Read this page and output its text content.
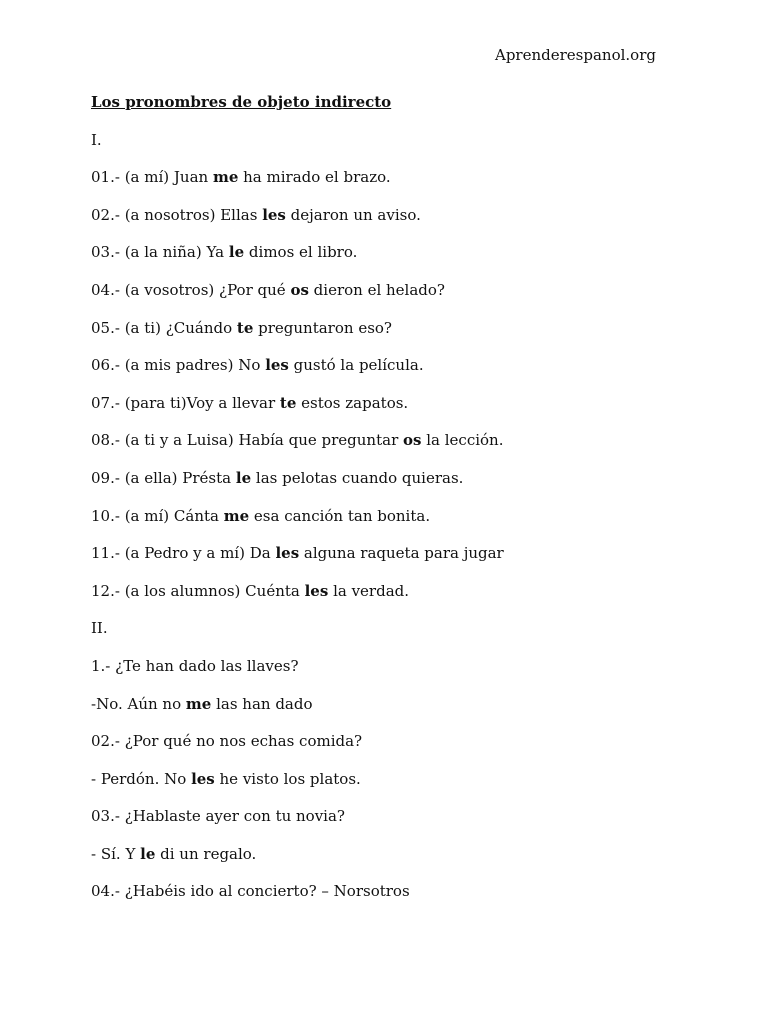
Aprenderespanol.org
Los pronombres de objeto indirecto
I.
01.- (a mí) Juan me ha mirado el brazo.
02.- (a nosotros) Ellas les dejaron un aviso.
03.- (a la niña) Ya le dimos el libro.
04.- (a vosotros) ¿Por qué os dieron el helado?
05.- (a ti) ¿Cuándo te preguntaron eso?
06.- (a mis padres) No les gustó la película.
07.- (para ti)Voy a llevar te estos zapatos.
08.- (a ti y a Luisa) Había que preguntar os la lección.
09.- (a ella) Présta le las pelotas cuando quieras.
10.- (a mí) Cánta me esa canción tan bonita.
11.- (a Pedro y a mí) Da les alguna raqueta para jugar
12.- (a los alumnos) Cuénta les la verdad.
II.
1.- ¿Te han dado las llaves?
-No. Aún no me las han dado
02.- ¿Por qué no nos echas comida?
- Perdón. No les he visto los platos.
03.- ¿Hablaste ayer con tu novia?
- Sí. Y le di un regalo.
04.- ¿Habéis ido al concierto? – Norsotros
